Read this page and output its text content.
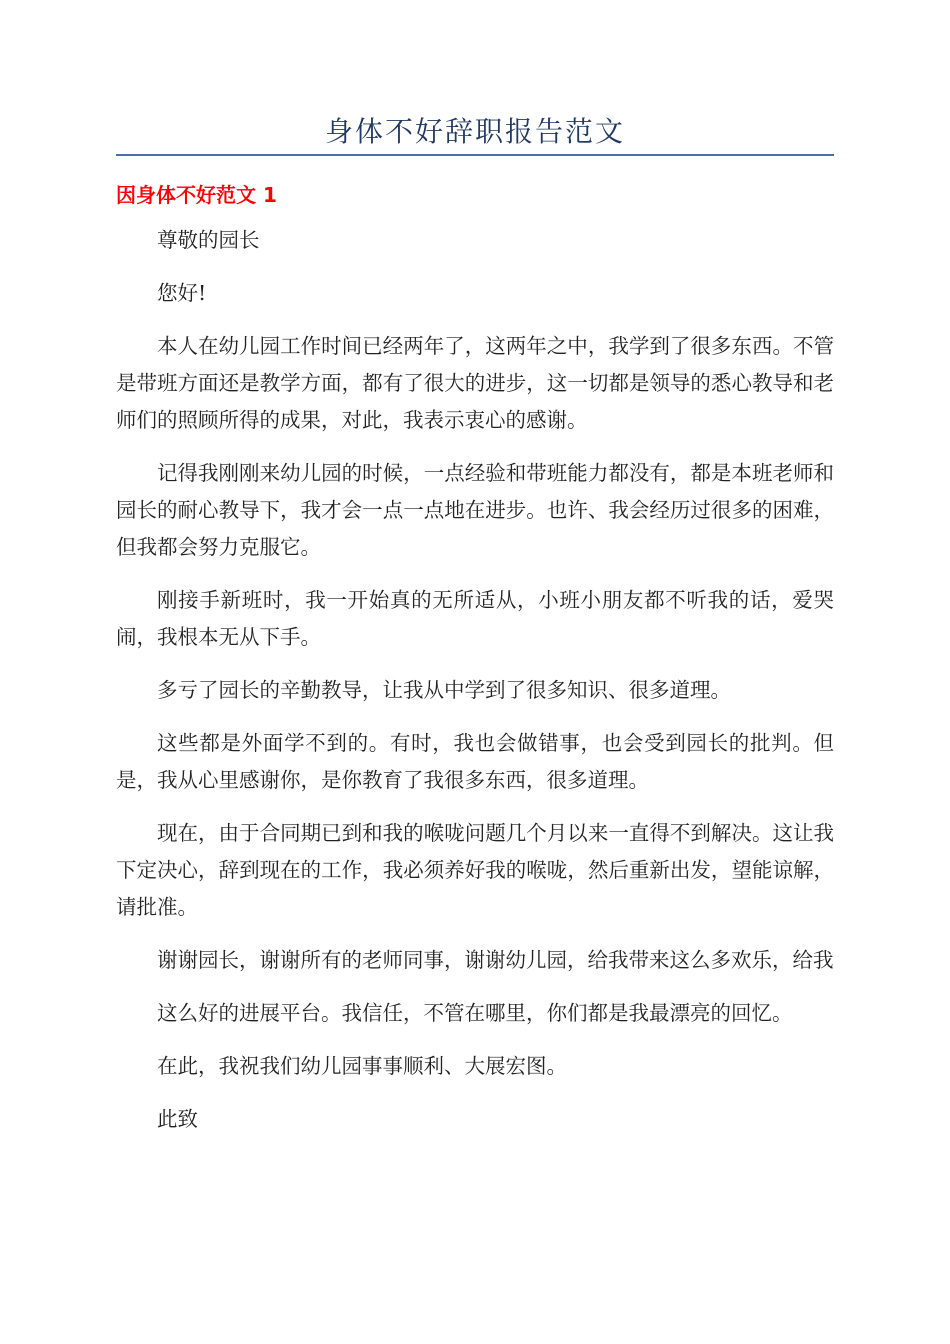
身体不好辞职报告范文
因身体不好范文 1

尊敬的园长

您好!

本人在幼儿园工作时间已经两年了，这两年之中，我学到了很多东西。不管是带班方面还是教学方面，都有了很大的进步，这一切都是领导的悉心教导和老师们的照顾所得的成果，对此，我表示衷心的感谢。

记得我刚刚来幼儿园的时候，一点经验和带班能力都没有，都是本班老师和园长的耐心教导下，我才会一点一点地在进步。也许、我会经历过很多的困难，但我都会努力克服它。

刚接手新班时，我一开始真的无所适从，小班小朋友都不听我的话，爱哭闹，我根本无从下手。

多亏了园长的辛勤教导，让我从中学到了很多知识、很多道理。

这些都是外面学不到的。有时，我也会做错事，也会受到园长的批判。但是，我从心里感谢你，是你教育了我很多东西，很多道理。

现在，由于合同期已到和我的喉咙问题几个月以来一直得不到解决。这让我下定决心，辞到现在的工作，我必须养好我的喉咙，然后重新出发，望能谅解，请批准。

谢谢园长，谢谢所有的老师同事，谢谢幼儿园，给我带来这么多欢乐，给我

这么好的进展平台。我信任，不管在哪里，你们都是我最漂亮的回忆。

在此，我祝我们幼儿园事事顺利、大展宏图。

此致
